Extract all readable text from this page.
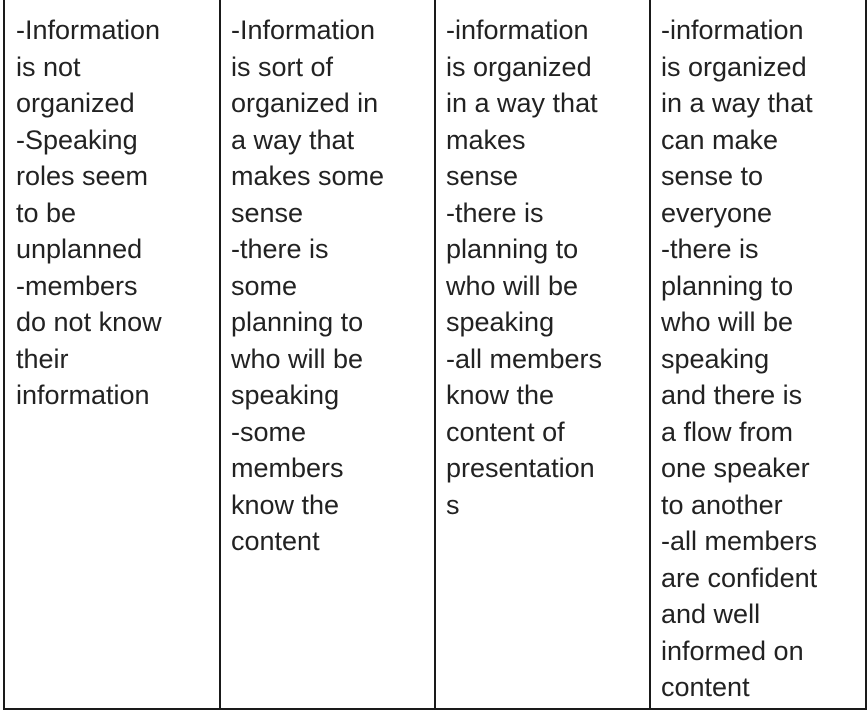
-Information
is not
organized
-Speaking
roles seem
to be
unplanned
-members
do not know
their
information

-Information
is sort of
organized in
a way that
makes some
sense
-there is
some
planning to
who will be
speaking
-some
members
know the
content

-information
is organized
in a way that
makes
sense
-there is
planning to
who will be
speaking
-all members
know the
content of
presentation
s

-information
is organized
in a way that
can make
sense to
everyone
-there is
planning to
who will be
speaking
and there is
a flow from
one speaker
to another
-all members
are confident
and well
informed on
content
